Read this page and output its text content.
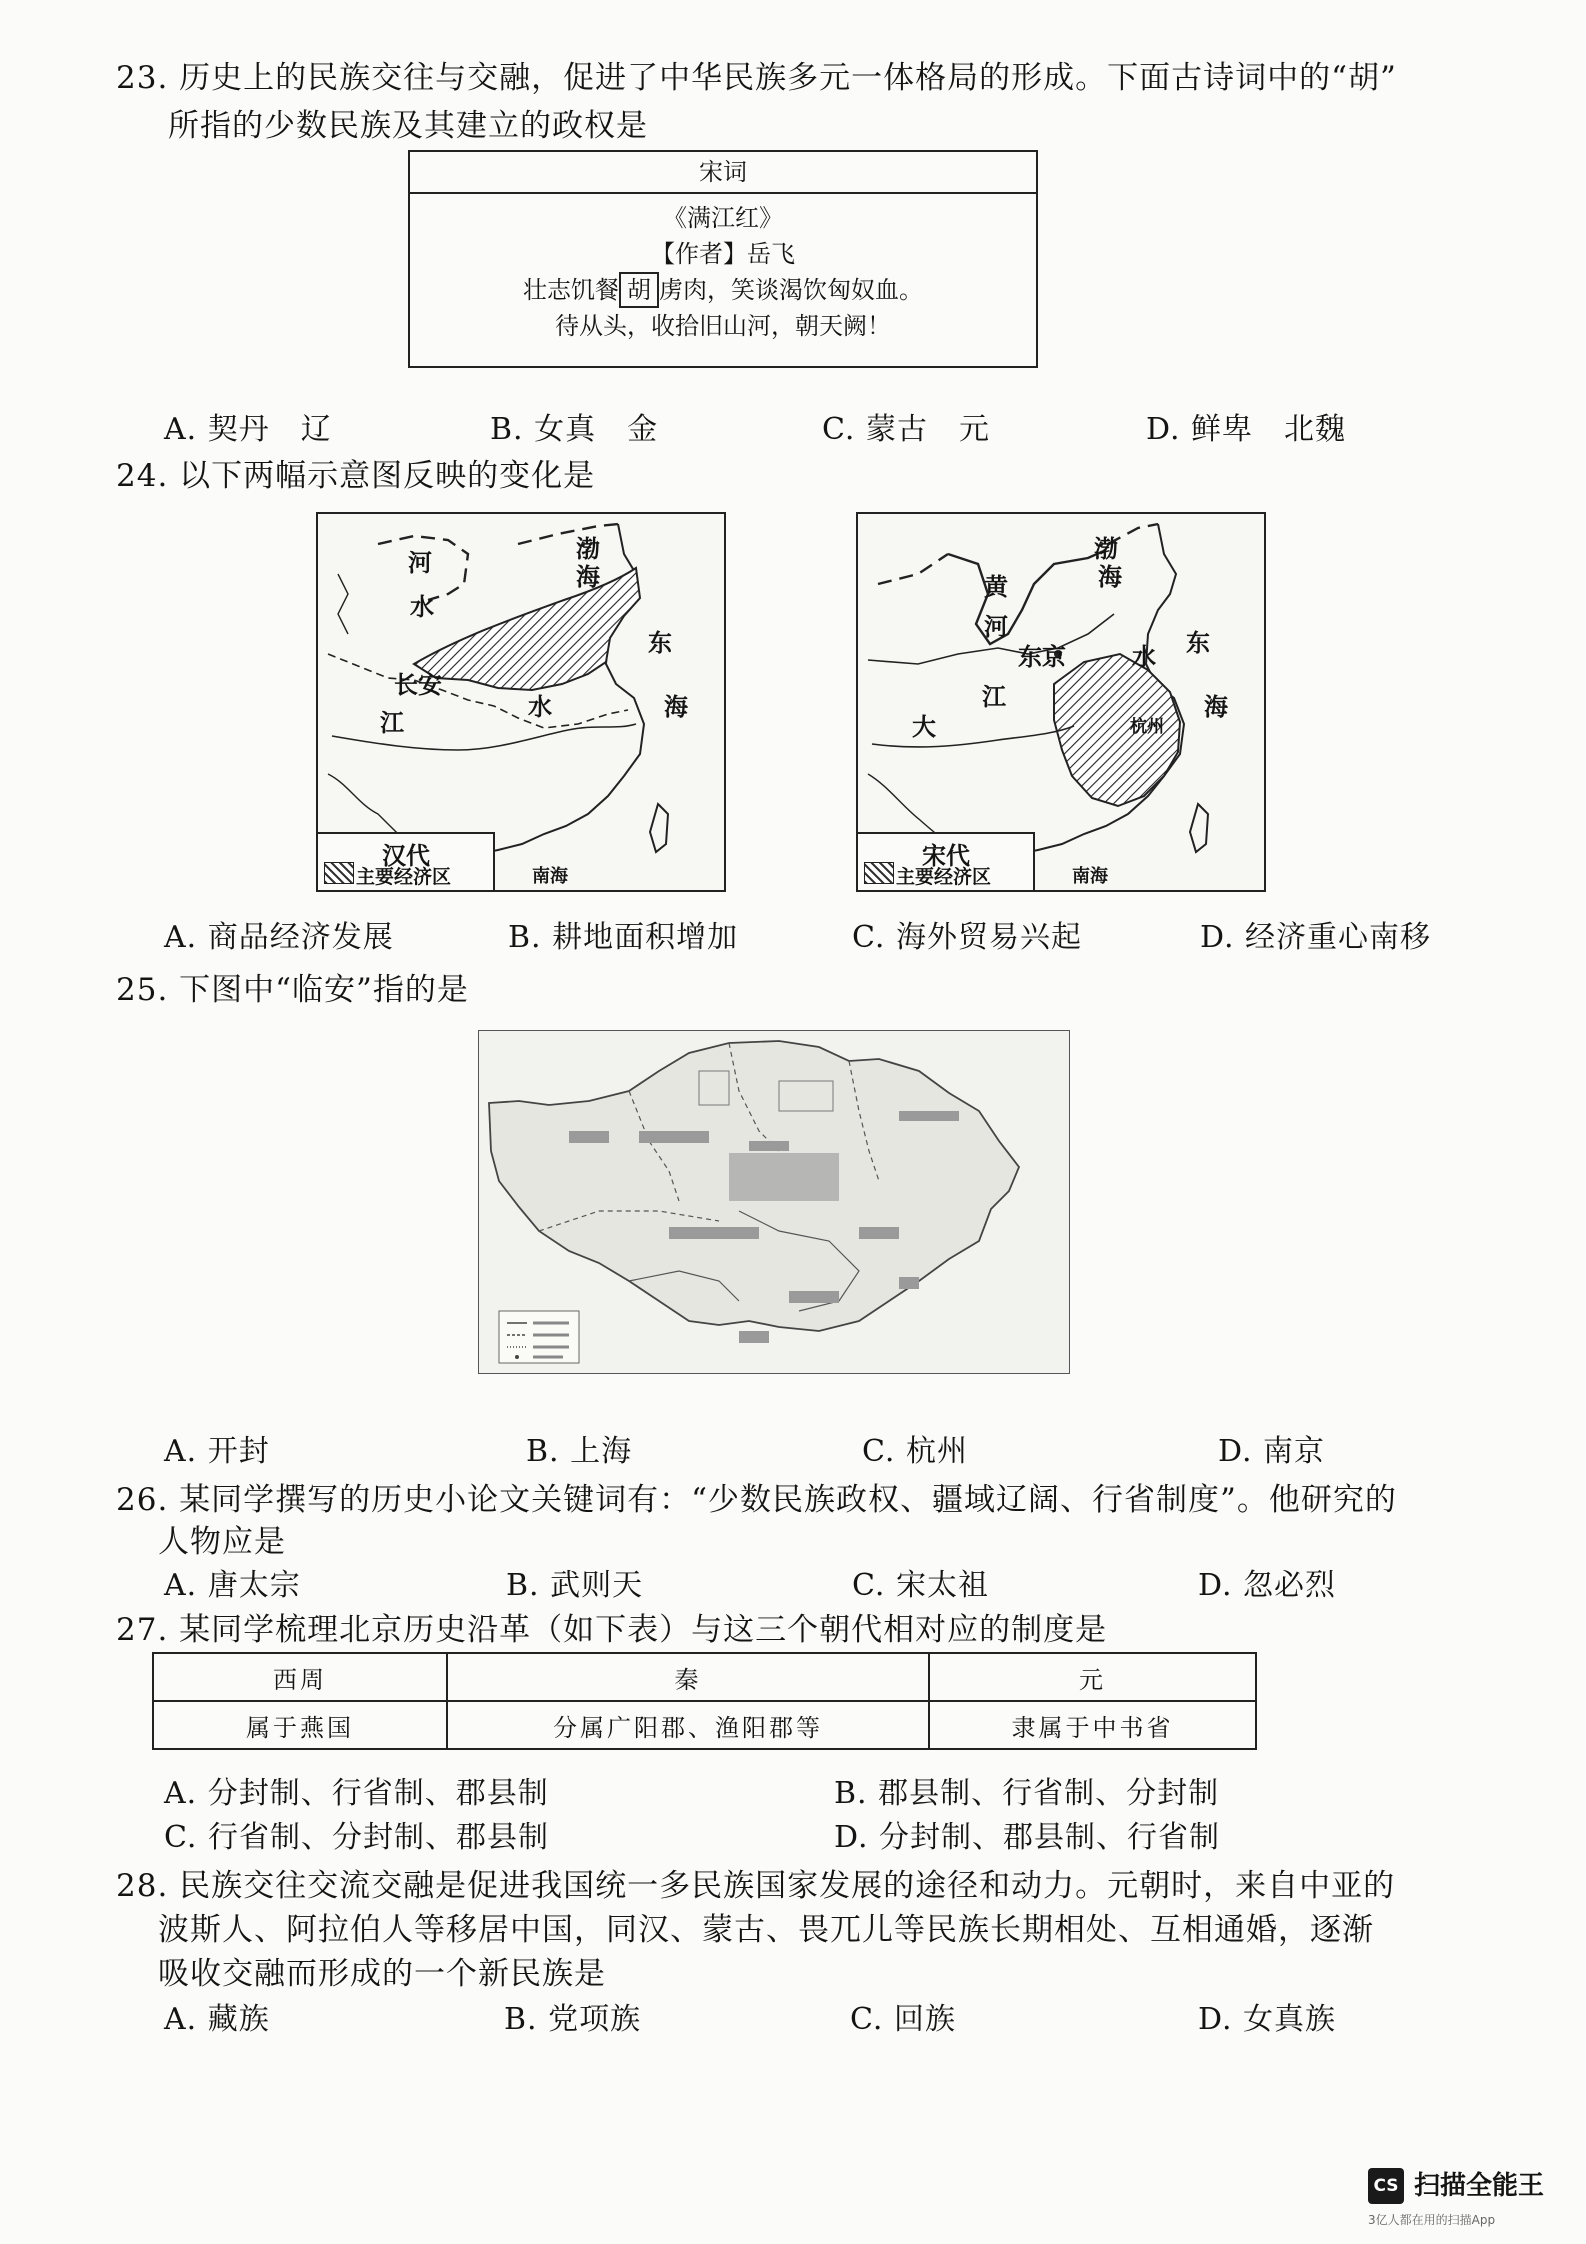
23. 历史上的民族交往与交融，促进了中华民族多元一体格局的形成。下面古诗词中的“胡”
所指的少数民族及其建立的政权是
宋词
《满江红》
【作者】岳飞
壮志饥餐 胡 虏肉，笑谈渴饮匈奴血。
待从头，收拾旧山河，朝天阙！
A. 契丹　辽	B. 女真　金	C. 蒙古　元	D. 鲜卑　北魏
24. 以下两幅示意图反映的变化是
河
水
渤
海
东
海
长安
江
水
南海
汉代
主要经济区
黄
河
渤
海
东
海
东京	水
大
江
杭州
南海
宋代
主要经济区
A. 商品经济发展	B. 耕地面积增加	C. 海外贸易兴起	D. 经济重心南移
25. 下图中“临安”指的是
A. 开封	B. 上海	C. 杭州	D. 南京
26. 某同学撰写的历史小论文关键词有：“少数民族政权、疆域辽阔、行省制度”。他研究的
人物应是
A. 唐太宗	B. 武则天	C. 宋太祖	D. 忽必烈
27. 某同学梳理北京历史沿革（如下表）与这三个朝代相对应的制度是
西周	秦	元
属于燕国	分属广阳郡、渔阳郡等	隶属于中书省
A. 分封制、行省制、郡县制	B. 郡县制、行省制、分封制
C. 行省制、分封制、郡县制	D. 分封制、郡县制、行省制
28. 民族交往交流交融是促进我国统一多民族国家发展的途径和动力。元朝时，来自中亚的
波斯人、阿拉伯人等移居中国，同汉、蒙古、畏兀儿等民族长期相处、互相通婚，逐渐
吸收交融而形成的一个新民族是
A. 藏族	B. 党项族	C. 回族	D. 女真族
CS 扫描全能王
3亿人都在用的扫描App
